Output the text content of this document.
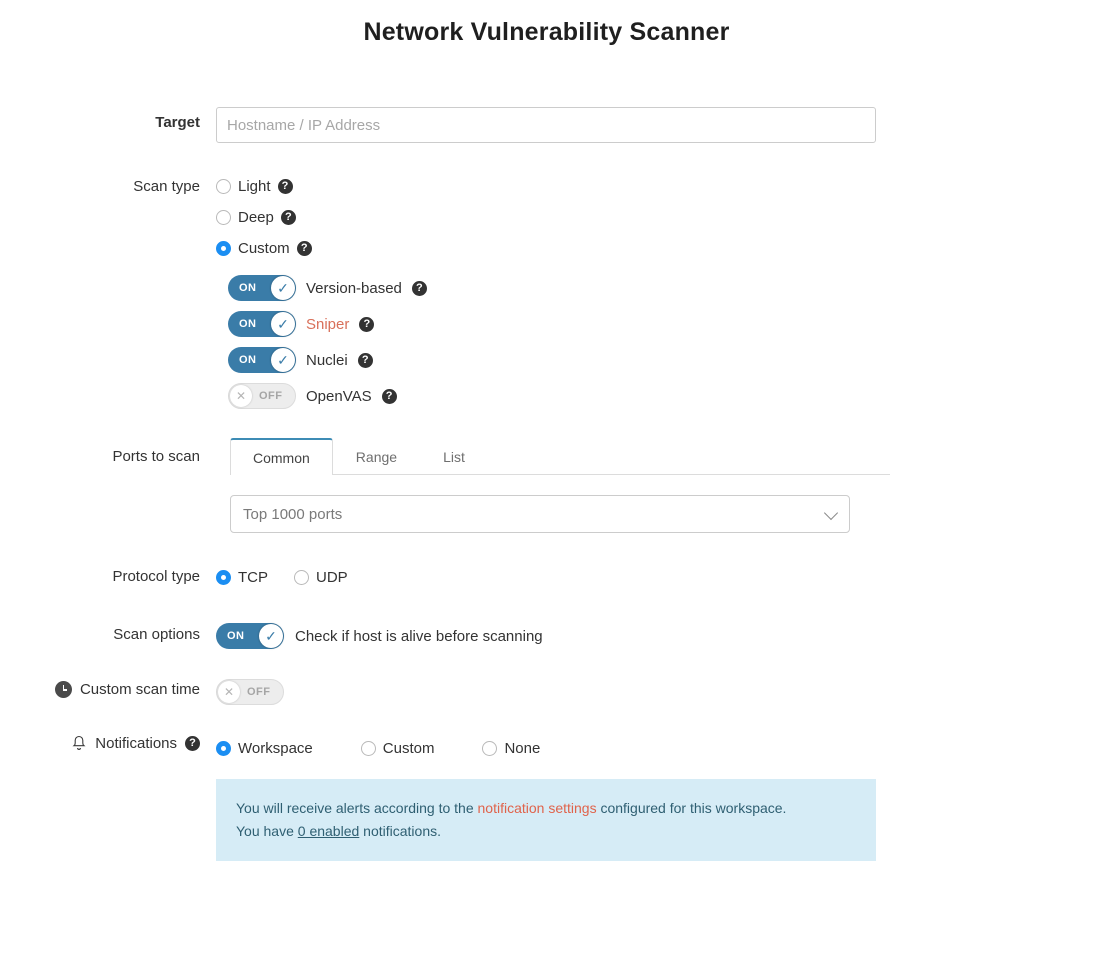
Network Vulnerability Scanner
Target
Hostname / IP Address
Scan type	Light	?
Deep	?
Custom	?
ON	✓	Version-based	?
ON	✓	Sniper	?
ON	✓	Nuclei	?
✕	OFF OpenVAS	?
Ports to scan	Common	Range	List
Top 1000 ports
Protocol type	TCP	UDP
Scan options	ON	✓	Check if host is alive before scanning
Custom scan time	✕	OFF
Notifications	?	Workspace	Custom	None
You will receive alerts according to the notification settings configured for this workspace.
You have 0 enabled notifications.
